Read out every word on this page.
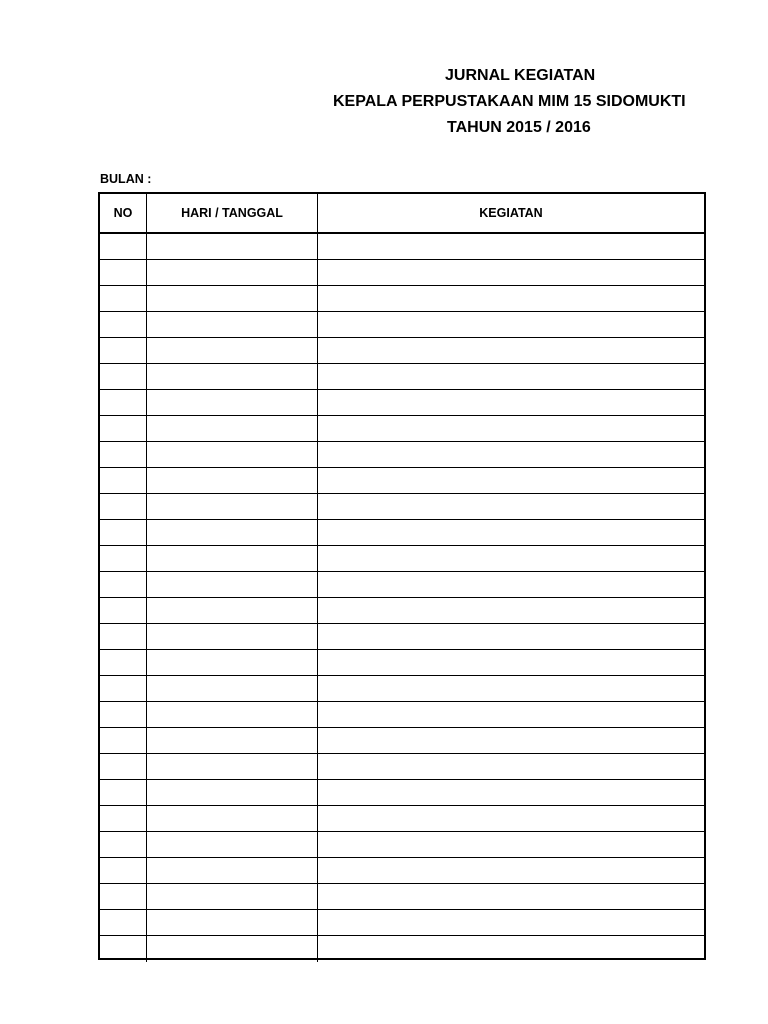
JURNAL KEGIATAN
KEPALA PERPUSTAKAAN MIM 15 SIDOMUKTI
TAHUN 2015 / 2016
BULAN :
NO	HARI / TANGGAL	KEGIATAN
